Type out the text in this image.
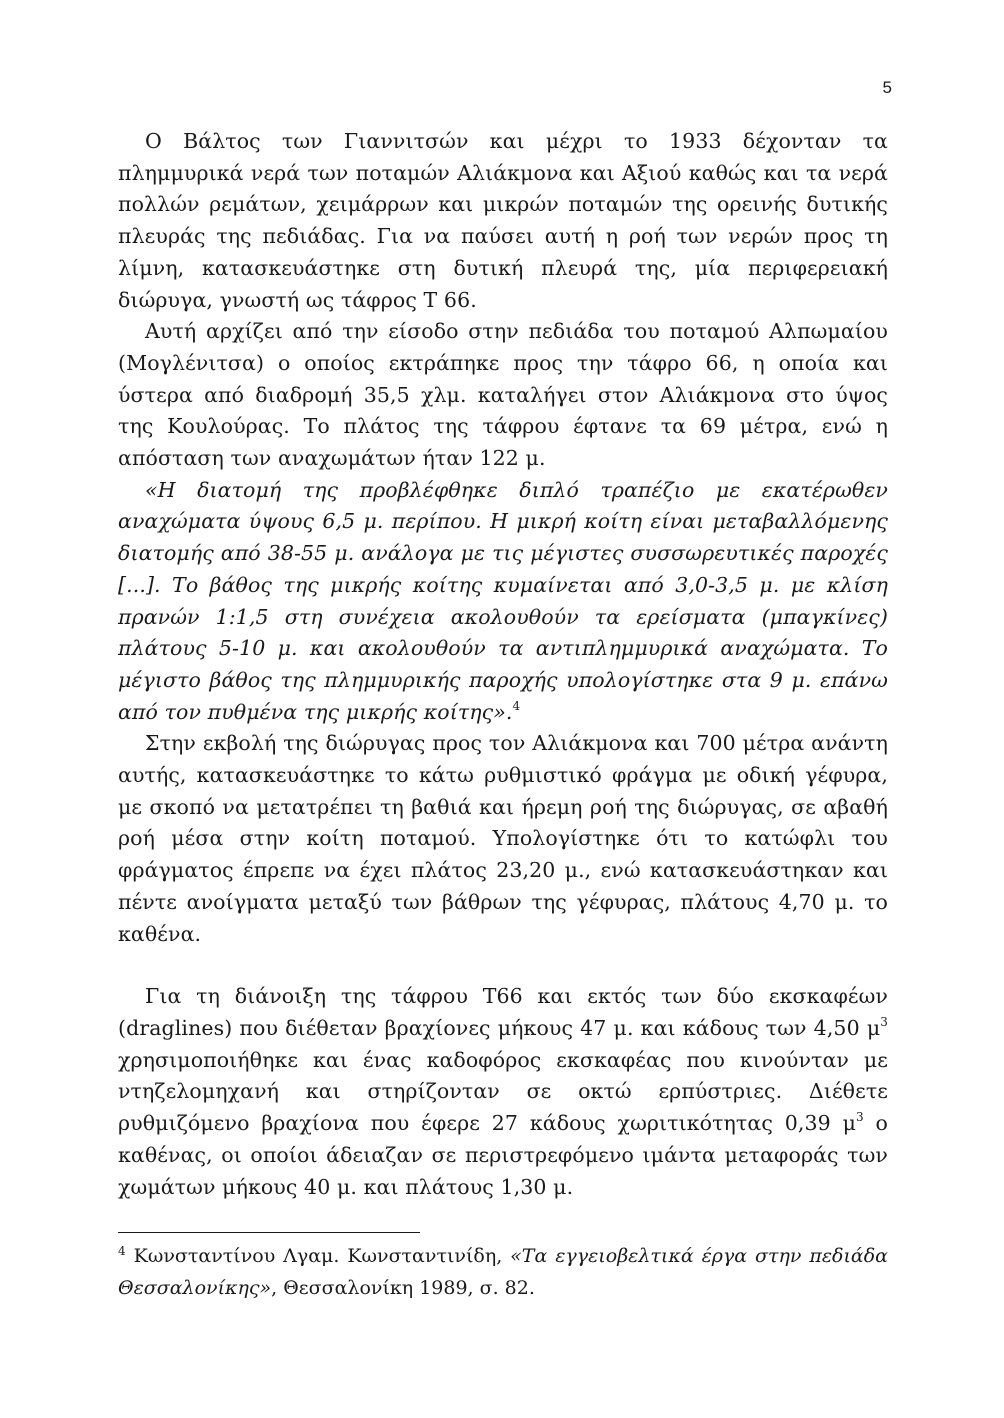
5

Ο Βάλτος των Γιαννιτσών και μέχρι το 1933 δέχονταν τα πλημμυρικά νερά των ποταμών Αλιάκμονα και Αξιού καθώς και τα νερά πολλών ρεμάτων, χειμάρρων και μικρών ποταμών της ορεινής δυτικής πλευράς της πεδιάδας. Για να παύσει αυτή η ροή των νερών προς τη λίμνη, κατασκευάστηκε στη δυτική πλευρά της, μία περιφερειακή διώρυγα, γνωστή ως τάφρος Τ 66.

Αυτή αρχίζει από την είσοδο στην πεδιάδα του ποταμού Αλπωμαίου (Μογλένιτσα) ο οποίος εκτράπηκε προς την τάφρο 66, η οποία και ύστερα από διαδρομή 35,5 χλμ. καταλήγει στον Αλιάκμονα στο ύψος της Κουλούρας. Το πλάτος της τάφρου έφτανε τα 69 μέτρα, ενώ η απόσταση των αναχωμάτων ήταν 122 μ.

«Η διατομή της προβλέφθηκε διπλό τραπέζιο με εκατέρωθεν αναχώματα ύψους 6,5 μ. περίπου. Η μικρή κοίτη είναι μεταβαλλόμενης διατομής από 38-55 μ. ανάλογα με τις μέγιστες συσσωρευτικές παροχές [...]. Το βάθος της μικρής κοίτης κυμαίνεται από 3,0-3,5 μ. με κλίση πρανών 1:1,5 στη συνέχεια ακολουθούν τα ερείσματα (μπαγκίνες) πλάτους 5-10 μ. και ακολουθούν τα αντιπλημμυρικά αναχώματα. Το μέγιστο βάθος της πλημμυρικής παροχής υπολογίστηκε στα 9 μ. επάνω από τον πυθμένα της μικρής κοίτης».$^4$

Στην εκβολή της διώρυγας προς τον Αλιάκμονα και 700 μέτρα ανάντη αυτής, κατασκευάστηκε το κάτω ρυθμιστικό φράγμα με οδική γέφυρα, με σκοπό να μετατρέπει τη βαθιά και ήρεμη ροή της διώρυγας, σε αβαθή ροή μέσα στην κοίτη ποταμού. Υπολογίστηκε ότι το κατώφλι του φράγματος έπρεπε να έχει πλάτος 23,20 μ., ενώ κατασκευάστηκαν και πέντε ανοίγματα μεταξύ των βάθρων της γέφυρας, πλάτους 4,70 μ. το καθένα.

Για τη διάνοιξη της τάφρου Τ66 και εκτός των δύο εκσκαφέων (draglines) που διέθεταν βραχίονες μήκους 47 μ. και κάδους των 4,50 $\mu^3$ χρησιμοποιήθηκε και ένας καδοφόρος εκσκαφέας που κινούνταν με ντηζελομηχανή και στηρίζονταν σε οκτώ ερπύστριες. Διέθετε ρυθμιζόμενο βραχίονα που έφερε 27 κάδους χωριτικότητας 0,39 $\mu^3$ ο καθένας, οι οποίοι άδειαζαν σε περιστρεφόμενο ιμάντα μεταφοράς των χωμάτων μήκους 40 μ. και πλάτους 1,30 μ.

$^4$ Κωνσταντίνου Λγαμ. Κωνσταντινίδη, «Τα εγγειοβελτικά έργα στην πεδιάδα Θεσσαλονίκης», Θεσσαλονίκη 1989, σ. 82.
